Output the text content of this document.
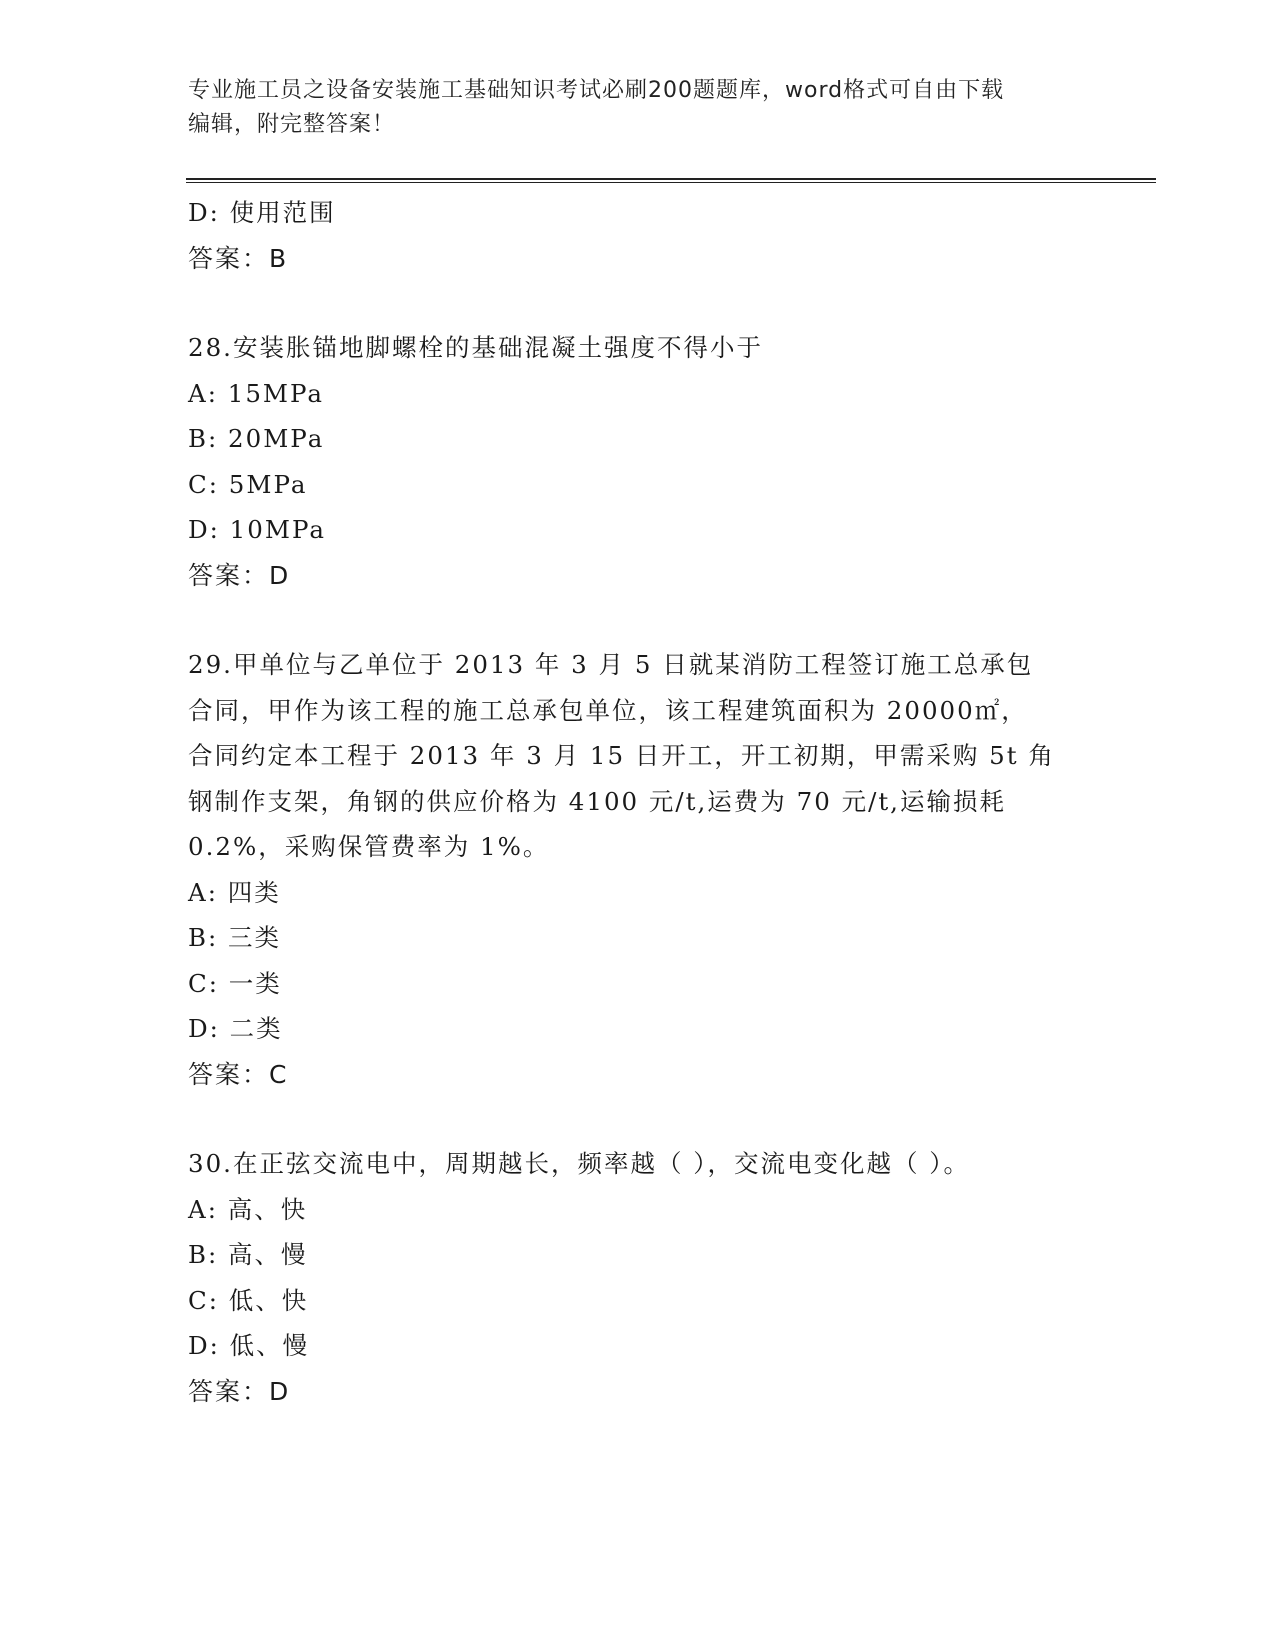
专业施工员之设备安装施工基础知识考试必刷200题题库，word格式可自由下载
编辑，附完整答案！
D: 使用范围
答案：B
28.安装胀锚地脚螺栓的基础混凝土强度不得小于
A: 15MPa
B: 20MPa
C: 5MPa
D: 10MPa
答案：D
29.甲单位与乙单位于 2013 年 3 月 5 日就某消防工程签订施工总承包
合同，甲作为该工程的施工总承包单位，该工程建筑面积为 20000㎡，
合同约定本工程于 2013 年 3 月 15 日开工，开工初期，甲需采购 5t 角
钢制作支架，角钢的供应价格为 4100 元/t,运费为 70 元/t,运输损耗
0.2%，采购保管费率为 1%。
A: 四类
B: 三类
C: 一类
D: 二类
答案：C
30.在正弦交流电中，周期越长，频率越（ ），交流电变化越（ ）。
A: 高、快
B: 高、慢
C: 低、快
D: 低、慢
答案：D
